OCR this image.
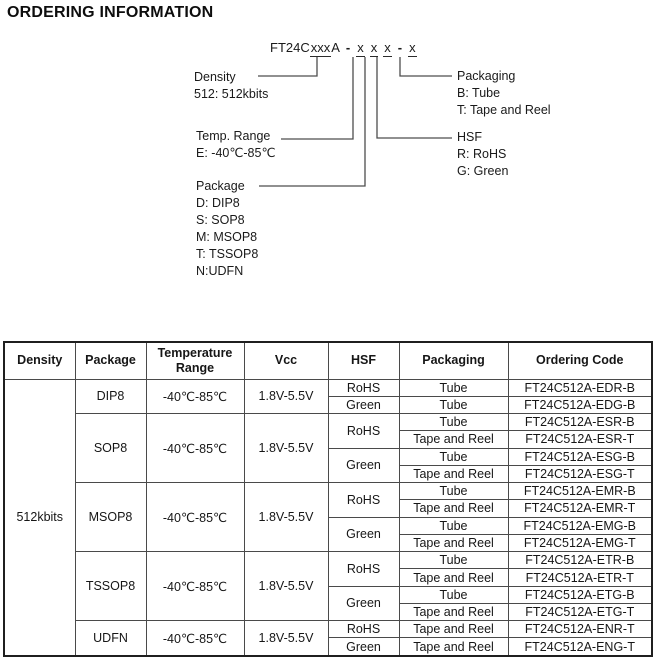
ORDERING INFORMATION
FT24C xxx A - x x x - x
Density
512: 512kbits
Temp. Range
E: -40℃-85℃
Package
D: DIP8
S: SOP8
M: MSOP8
T: TSSOP8
N:UDFN
Packaging
B: Tube
T: Tape and Reel
HSF
R: RoHS
G: Green
Density	Package	Temperature Range	Vcc	HSF	Packaging	Ordering Code
512kbits	DIP8	-40℃-85℃	1.8V-5.5V	RoHS	Tube	FT24C512A-EDR-B
				Green	Tube	FT24C512A-EDG-B
	SOP8	-40℃-85℃	1.8V-5.5V	RoHS	Tube	FT24C512A-ESR-B
					Tape and Reel	FT24C512A-ESR-T
				Green	Tube	FT24C512A-ESG-B
					Tape and Reel	FT24C512A-ESG-T
	MSOP8	-40℃-85℃	1.8V-5.5V	RoHS	Tube	FT24C512A-EMR-B
					Tape and Reel	FT24C512A-EMR-T
				Green	Tube	FT24C512A-EMG-B
					Tape and Reel	FT24C512A-EMG-T
	TSSOP8	-40℃-85℃	1.8V-5.5V	RoHS	Tube	FT24C512A-ETR-B
					Tape and Reel	FT24C512A-ETR-T
				Green	Tube	FT24C512A-ETG-B
					Tape and Reel	FT24C512A-ETG-T
	UDFN	-40℃-85℃	1.8V-5.5V	RoHS	Tape and Reel	FT24C512A-ENR-T
				Green	Tape and Reel	FT24C512A-ENG-T
